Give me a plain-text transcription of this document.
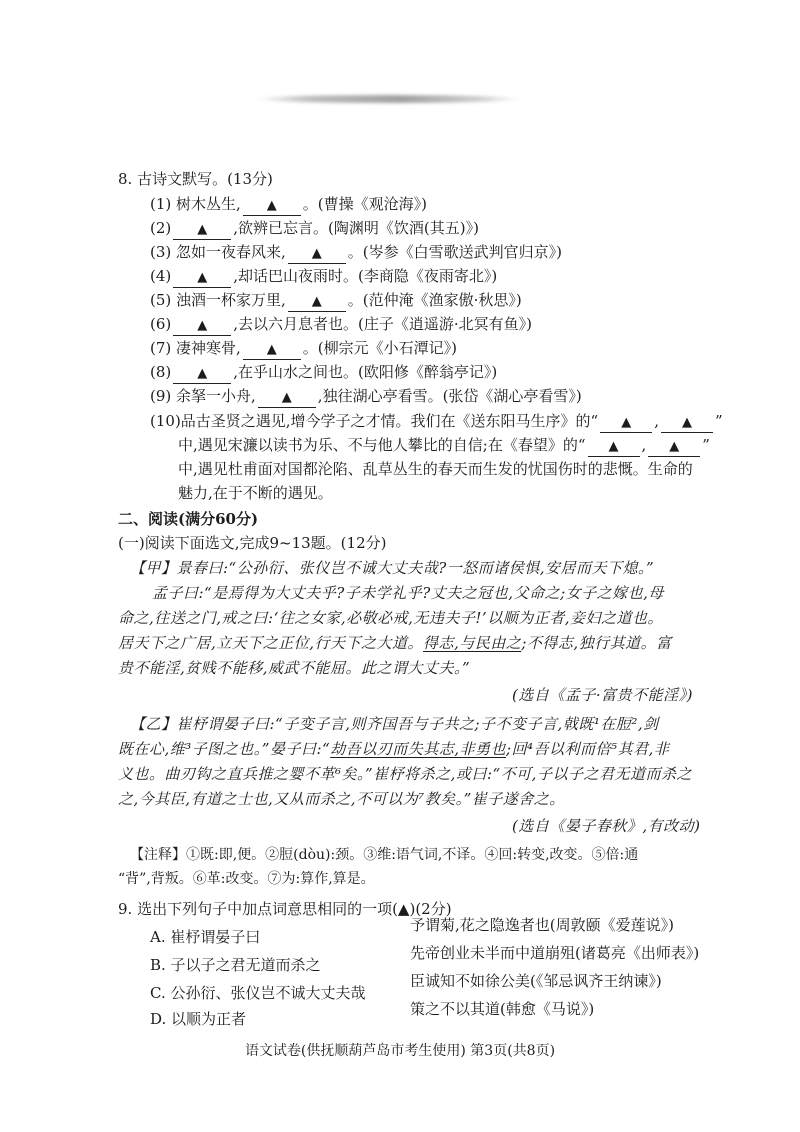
8. 古诗文默写。(13分)
(1) 树木丛生, ▲ 。(曹操《观沧海》)
(2) ▲ ,欲辨已忘言。(陶渊明《饮酒(其五)》)
(3) 忽如一夜春风来, ▲ 。(岑参《白雪歌送武判官归京》)
(4) ▲ ,却话巴山夜雨时。(李商隐《夜雨寄北》)
(5) 浊酒一杯家万里, ▲ 。(范仲淹《渔家傲·秋思》)
(6) ▲ ,去以六月息者也。(庄子《逍遥游·北冥有鱼》)
(7) 凄神寒骨, ▲ 。(柳宗元《小石潭记》)
(8) ▲ ,在乎山水之间也。(欧阳修《醉翁亭记》)
(9) 余拏一小舟, ▲ ,独往湖心亭看雪。(张岱《湖心亭看雪》)
(10)品古圣贤之遇见,增今学子之才情。我们在《送东阳马生序》的“ ▲ , ▲ ”
中,遇见宋濂以读书为乐、不与他人攀比的自信;在《春望》的“ ▲ , ▲ ”
中,遇见杜甫面对国都沦陷、乱草丛生的春天而生发的忧国伤时的悲慨。生命的
魅力,在于不断的遇见。
二、阅读(满分60分)
(一)阅读下面选文,完成9~13题。(12分)
【甲】景春曰:“公孙衍、张仪岂不诚大丈夫哉?一怒而诸侯惧,安居而天下熄。”
孟子曰:“是焉得为大丈夫乎?子未学礼乎?丈夫之冠也,父命之;女子之嫁也,母
命之,往送之门,戒之曰:‘往之女家,必敬必戒,无违夫子!’以顺为正者,妾妇之道也。
居天下之广居,立天下之正位,行天下之大道。得志,与民由之;不得志,独行其道。富
贵不能淫,贫贱不能移,威武不能屈。此之谓大丈夫。”
(选自《孟子·富贵不能淫》)
【乙】崔杼谓晏子曰:“子变子言,则齐国吾与子共之;子不变子言,戟既¹在脰²,剑
既在心,维³子图之也。”晏子曰:“劫吾以刃而失其志,非勇也;回⁴吾以利而倍⁵其君,非
义也。曲刃钩之直兵推之婴不革⁶矣。”崔杼将杀之,或曰:“不可,子以子之君无道而杀之
之,今其臣,有道之士也,又从而杀之,不可以为⁷教矣。”崔子遂舍之。
(选自《晏子春秋》,有改动)
【注释】①既:即,便。②脰(dòu):颈。③维:语气词,不译。④回:转变,改变。⑤倍:通
“背”,背叛。⑥革:改变。⑦为:算作,算是。
9. 选出下列句子中加点词意思相同的一项(▲)(2分)
A. 崔杼谓晏子曰
予谓菊,花之隐逸者也(周敦颐《爱莲说》)
B. 子以子之君无道而杀之
先帝创业未半而中道崩殂(诸葛亮《出师表》)
C. 公孙衍、张仪岂不诚大丈夫哉
臣诚知不如徐公美(《邹忌讽齐王纳谏》)
D. 以顺为正者
策之不以其道(韩愈《马说》)
语文试卷(供抚顺葫芦岛市考生使用) 第3页(共8页)
